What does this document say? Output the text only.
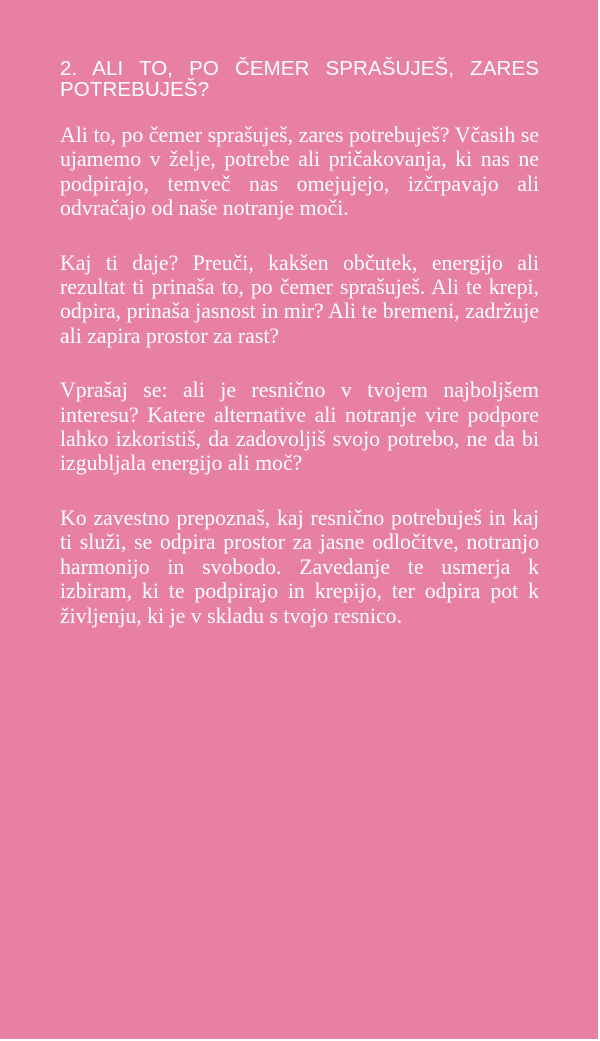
2. ALI TO, PO ČEMER SPRAŠUJEŠ, ZARES POTREBUJEŠ?

Ali to, po čemer sprašuješ, zares potrebuješ? Včasih se ujamemo v želje, potrebe ali pričakovanja, ki nas ne podpirajo, temveč nas omejujejo, izčrpavajo ali odvračajo od naše notranje moči.

Kaj ti daje? Preuči, kakšen občutek, energijo ali rezultat ti prinaša to, po čemer sprašuješ. Ali te krepi, odpira, prinaša jasnost in mir? Ali te bremeni, zadržuje ali zapira prostor za rast?

Vprašaj se: ali je resnično v tvojem najboljšem interesu? Katere alternative ali notranje vire podpore lahko izkoristiš, da zadovoljiš svojo potrebo, ne da bi izgubljala energijo ali moč?

Ko zavestno prepoznaš, kaj resnično potrebuješ in kaj ti služi, se odpira prostor za jasne odločitve, notranjo harmonijo in svobodo. Zavedanje te usmerja k izbiram, ki te podpirajo in krepijo, ter odpira pot k življenju, ki je v skladu s tvojo resnico.
